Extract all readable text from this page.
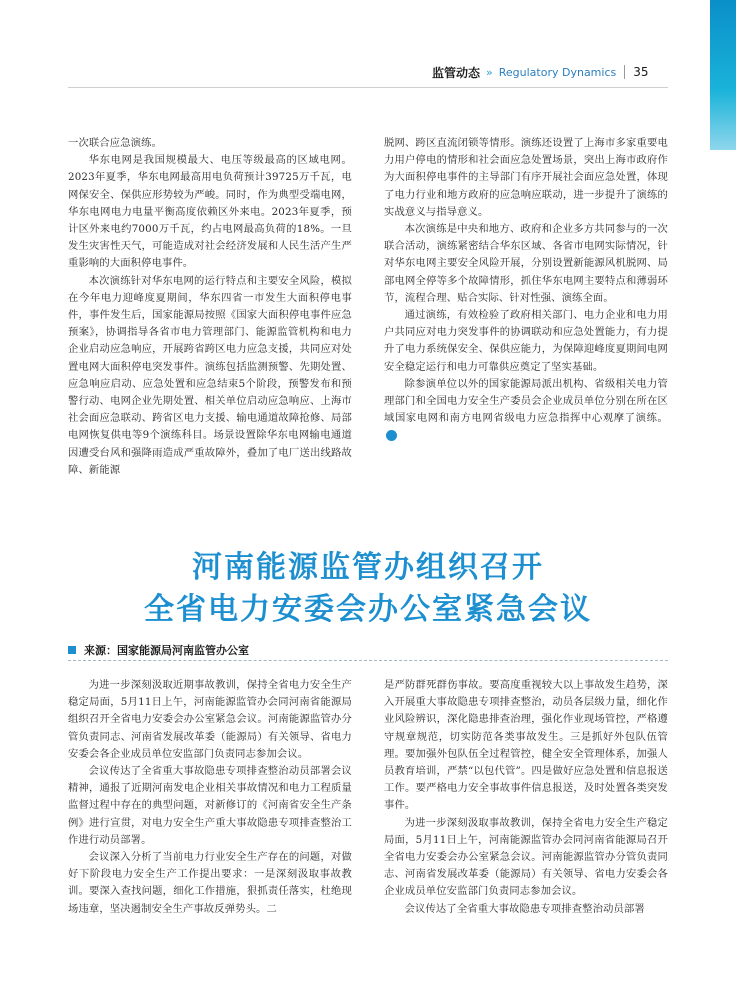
监管动态 » Regulatory Dynamics 35

一次联合应急演练。

华东电网是我国规模最大、电压等级最高的区域电网。2023年夏季，华东电网最高用电负荷预计39725万千瓦，电网保安全、保供应形势较为严峻。同时，作为典型受端电网，华东电网电力电量平衡高度依赖区外来电。2023年夏季，预计区外来电约7000万千瓦，约占电网最高负荷的18%。一旦发生灾害性天气，可能造成对社会经济发展和人民生活产生严重影响的大面积停电事件。

本次演练针对华东电网的运行特点和主要安全风险，模拟在今年电力迎峰度夏期间，华东四省一市发生大面积停电事件，事件发生后，国家能源局按照《国家大面积停电事件应急预案》，协调指导各省市电力管理部门、能源监管机构和电力企业启动应急响应，开展跨省跨区电力应急支援，共同应对处置电网大面积停电突发事件。演练包括监测预警、先期处置、应急响应启动、应急处置和应急结束5个阶段，预警发布和预警行动、电网企业先期处置、相关单位启动应急响应、上海市社会面应急联动、跨省区电力支援、输电通道故障抢修、局部电网恢复供电等9个演练科目。场景设置除华东电网输电通道因遭受台风和强降雨造成严重故障外，叠加了电厂送出线路故障、新能源

脱网、跨区直流闭锁等情形。演练还设置了上海市多家重要电力用户停电的情形和社会面应急处置场景，突出上海市政府作为大面积停电事件的主导部门有序开展社会面应急处置，体现了电力行业和地方政府的应急响应联动，进一步提升了演练的实战意义与指导意义。

本次演练是中央和地方、政府和企业多方共同参与的一次联合活动，演练紧密结合华东区域、各省市电网实际情况，针对华东电网主要安全风险开展，分别设置新能源风机脱网、局部电网全停等多个故障情形，抓住华东电网主要特点和薄弱环节，流程合理、贴合实际、针对性强、演练全面。

通过演练，有效检验了政府相关部门、电力企业和电力用户共同应对电力突发事件的协调联动和应急处置能力，有力提升了电力系统保安全、保供应能力，为保障迎峰度夏期间电网安全稳定运行和电力可靠供应奠定了坚实基础。

除参演单位以外的国家能源局派出机构、省级相关电力管理部门和全国电力安全生产委员会企业成员单位分别在所在区域国家电网和南方电网省级电力应急指挥中心观摩了演练。C

河南能源监管办组织召开
全省电力安委会办公室紧急会议
来源：国家能源局河南监管办公室

为进一步深刻汲取近期事故教训，保持全省电力安全生产稳定局面，5月11日上午，河南能源监管办会同河南省能源局组织召开全省电力安委会办公室紧急会议。河南能源监管办分管负责同志、河南省发展改革委（能源局）有关领导、省电力安委会各企业成员单位安监部门负责同志参加会议。

会议传达了全省重大事故隐患专项排查整治动员部署会议精神，通报了近期河南发电企业相关事故情况和电力工程质量监督过程中存在的典型问题，对新修订的《河南省安全生产条例》进行宣贯，对电力安全生产重大事故隐患专项排查整治工作进行动员部署。

会议深入分析了当前电力行业安全生产存在的问题，对做好下阶段电力安全生产工作提出要求：一是深刻汲取事故教训。要深入查找问题，细化工作措施，狠抓责任落实，杜绝现场违章，坚决遏制安全生产事故反弹势头。二

是严防群死群伤事故。要高度重视较大以上事故发生趋势，深入开展重大事故隐患专项排查整治，动员各层级力量，细化作业风险辨识，深化隐患排查治理，强化作业现场管控，严格遵守规章规范，切实防范各类事故发生。三是抓好外包队伍管理。要加强外包队伍全过程管控，健全安全管理体系，加强人员教育培训，严禁“以包代管”。四是做好应急处置和信息报送工作。要严格电力安全事故事件信息报送，及时处置各类突发事件。

为进一步深刻汲取事故教训，保持全省电力安全生产稳定局面，5月11日上午，河南能源监管办会同河南省能源局召开全省电力安委会办公室紧急会议。河南能源监管办分管负责同志、河南省发展改革委（能源局）有关领导、省电力安委会各企业成员单位安监部门负责同志参加会议。

会议传达了全省重大事故隐患专项排查整治动员部署
